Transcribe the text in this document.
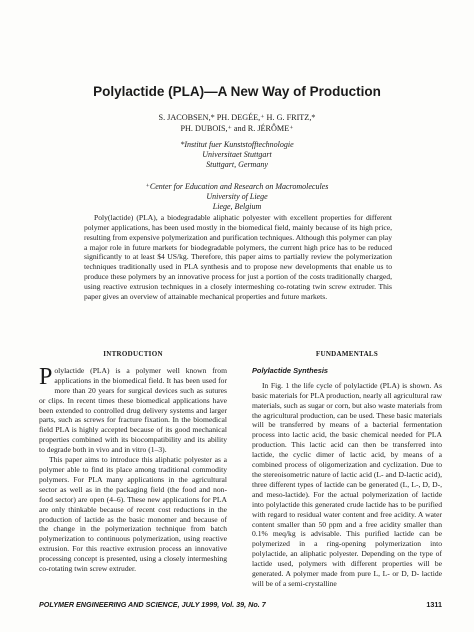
Polylactide (PLA)—A New Way of Production
S. JACOBSEN,* PH. DEGÉE,⁺ H. G. FRITZ,*
PH. DUBOIS,⁺ and R. JÉRÔME⁺
*Institut fuer Kunststofftechnologie
Universitaet Stuttgart
Stuttgart, Germany
⁺Center for Education and Research on Macromolecules
University of Liege
Liege, Belgium

Poly(lactide) (PLA), a biodegradable aliphatic polyester with excellent properties for different polymer applications, has been used mostly in the biomedical field, mainly because of its high price, resulting from expensive polymerization and purification techniques. Although this polymer can play a major role in future markets for biodegradable polymers, the current high price has to be reduced significantly to at least $4 US/kg. Therefore, this paper aims to partially review the polymerization techniques traditionally used in PLA synthesis and to propose new developments that enable us to produce these polymers by an innovative process for just a portion of the costs traditionally charged, using reactive extrusion techniques in a closely intermeshing co-rotating twin screw extruder. This paper gives an overview of attainable mechanical properties and future markets.

INTRODUCTION

Polylactide (PLA) is a polymer well known from applications in the biomedical field. It has been used for more than 20 years for surgical devices such as sutures or clips. In recent times these biomedical applications have been extended to controlled drug delivery systems and larger parts, such as screws for fracture fixation. In the biomedical field PLA is highly accepted because of its good mechanical properties combined with its biocompatibility and its ability to degrade both in vivo and in vitro (1–3).

This paper aims to introduce this aliphatic polyester as a polymer able to find its place among traditional commodity polymers. For PLA many applications in the agricultural sector as well as in the packaging field (the food and non-food sector) are open (4–6). These new applications for PLA are only thinkable because of recent cost reductions in the production of lactide as the basic monomer and because of the change in the polymerization technique from batch polymerization to continuous polymerization, using reactive extrusion. For this reactive extrusion process an innovative processing concept is presented, using a closely intermeshing co-rotating twin screw extruder.

FUNDAMENTALS
Polylactide Synthesis

In Fig. 1 the life cycle of polylactide (PLA) is shown. As basic materials for PLA production, nearly all agricultural raw materials, such as sugar or corn, but also waste materials from the agricultural production, can be used. These basic materials will be transferred by means of a bacterial fermentation process into lactic acid, the basic chemical needed for PLA production. This lactic acid can then be transferred into lactide, the cyclic dimer of lactic acid, by means of a combined process of oligomerization and cyclization. Due to the stereoisometric nature of lactic acid (L- and D-lactic acid), three different types of lactide can be generated (L, L-, D, D-, and meso-lactide). For the actual polymerization of lactide into polylactide this generated crude lactide has to be purified with regard to residual water content and free acidity. A water content smaller than 50 ppm and a free acidity smaller than 0.1% meq/kg is advisable. This purified lactide can be polymerized in a ring-opening polymerization into polylactide, an aliphatic polyester. Depending on the type of lactide used, polymers with different properties will be generated. A polymer made from pure L, L- or D, D- lactide will be of a semi-crystalline

POLYMER ENGINEERING AND SCIENCE, JULY 1999, Vol. 39, No. 7	1311
